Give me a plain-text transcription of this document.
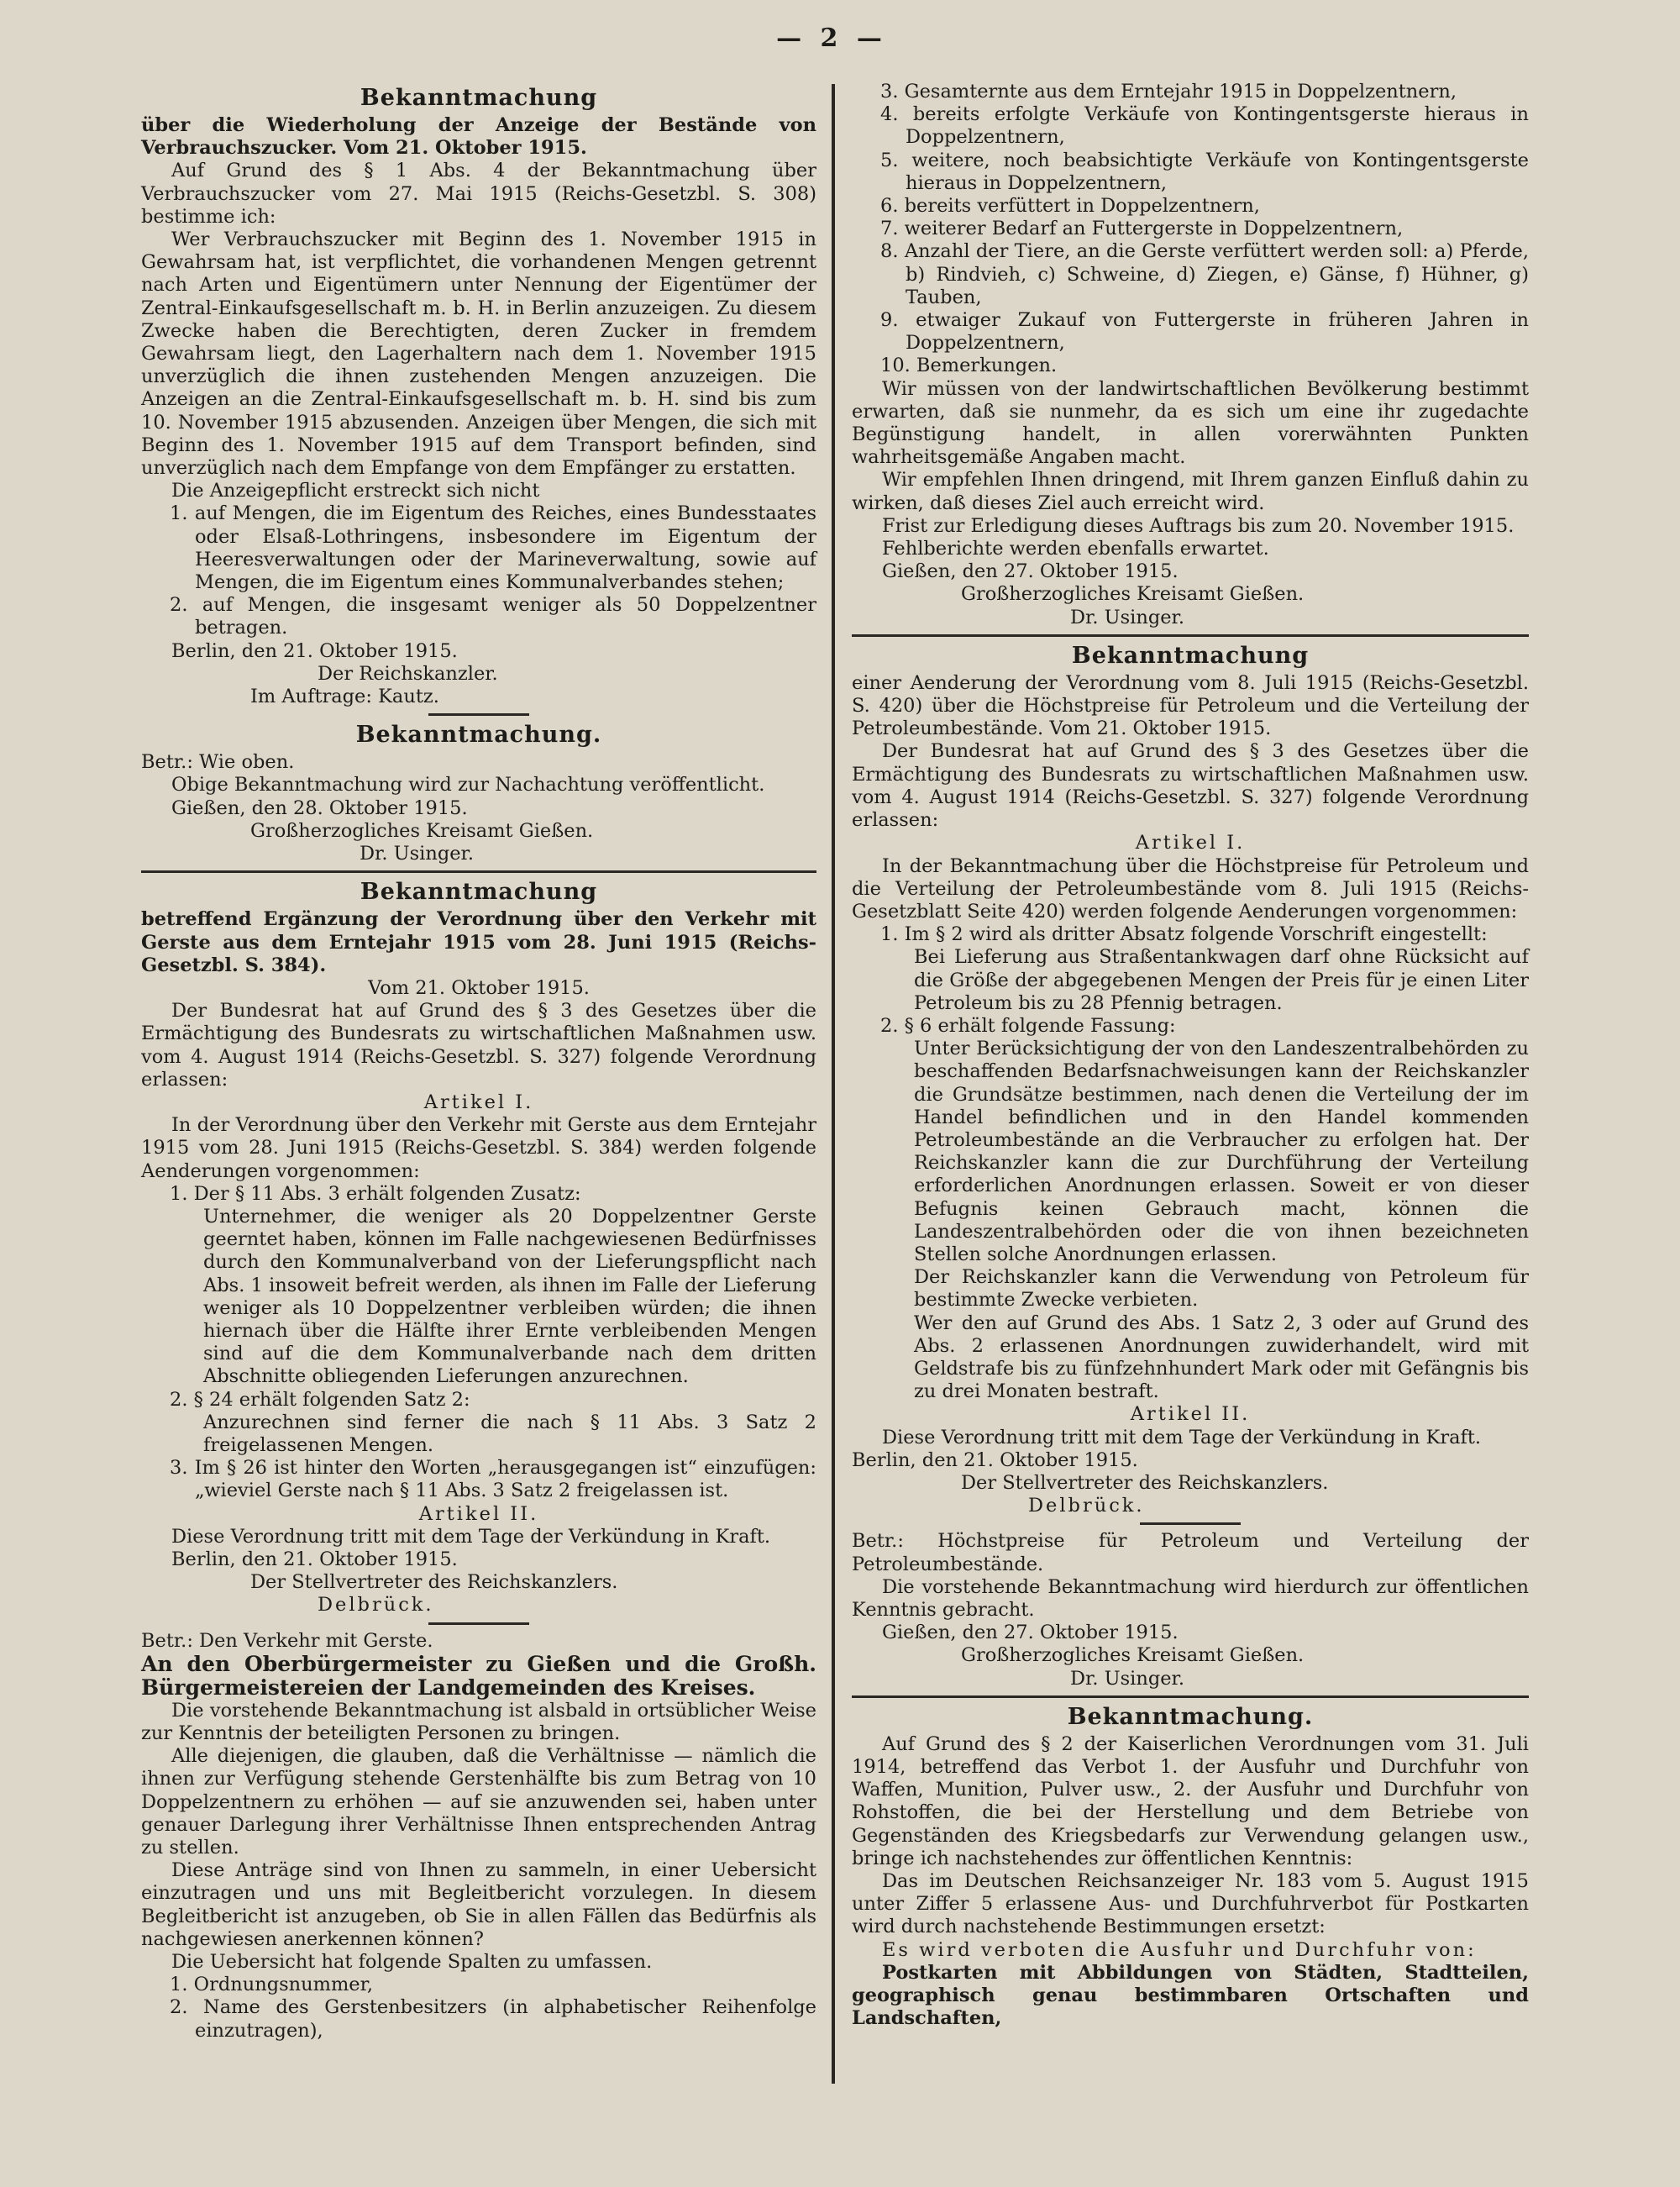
— 2 —
Bekanntmachung

über die Wiederholung der Anzeige der Bestände von Verbrauchszucker. Vom 21. Oktober 1915.

Auf Grund des § 1 Abs. 4 der Bekanntmachung über Verbrauchszucker vom 27. Mai 1915 (Reichs-Gesetzbl. S. 308) bestimme ich:

Wer Verbrauchszucker mit Beginn des 1. November 1915 in Gewahrsam hat, ist verpflichtet, die vorhandenen Mengen getrennt nach Arten und Eigentümern unter Nennung der Eigentümer der Zentral-Einkaufsgesellschaft m. b. H. in Berlin anzuzeigen. Zu diesem Zwecke haben die Berechtigten, deren Zucker in fremdem Gewahrsam liegt, den Lagerhaltern nach dem 1. November 1915 unverzüglich die ihnen zustehenden Mengen anzuzeigen. Die Anzeigen an die Zentral-Einkaufsgesellschaft m. b. H. sind bis zum 10. November 1915 abzusenden. Anzeigen über Mengen, die sich mit Beginn des 1. November 1915 auf dem Transport befinden, sind unverzüglich nach dem Empfange von dem Empfänger zu erstatten.

Die Anzeigepflicht erstreckt sich nicht

1. auf Mengen, die im Eigentum des Reiches, eines Bundesstaates oder Elsaß-Lothringens, insbesondere im Eigentum der Heeresverwaltungen oder der Marineverwaltung, sowie auf Mengen, die im Eigentum eines Kommunalverbandes stehen;

2. auf Mengen, die insgesamt weniger als 50 Doppelzentner betragen.

Berlin, den 21. Oktober 1915.

Der Reichskanzler.

Im Auftrage: Kautz.

Bekanntmachung.

Betr.: Wie oben.

Obige Bekanntmachung wird zur Nachachtung veröffentlicht.

Gießen, den 28. Oktober 1915.

Großherzogliches Kreisamt Gießen.

Dr. Usinger.

Bekanntmachung

betreffend Ergänzung der Verordnung über den Verkehr mit Gerste aus dem Erntejahr 1915 vom 28. Juni 1915 (Reichs-Gesetzbl. S. 384).

Vom 21. Oktober 1915.

Der Bundesrat hat auf Grund des § 3 des Gesetzes über die Ermächtigung des Bundesrats zu wirtschaftlichen Maßnahmen usw. vom 4. August 1914 (Reichs-Gesetzbl. S. 327) folgende Verordnung erlassen:

Artikel I.

In der Verordnung über den Verkehr mit Gerste aus dem Erntejahr 1915 vom 28. Juni 1915 (Reichs-Gesetzbl. S. 384) werden folgende Aenderungen vorgenommen:

1. Der § 11 Abs. 3 erhält folgenden Zusatz:

Unternehmer, die weniger als 20 Doppelzentner Gerste geerntet haben, können im Falle nachgewiesenen Bedürfnisses durch den Kommunalverband von der Lieferungspflicht nach Abs. 1 insoweit befreit werden, als ihnen im Falle der Lieferung weniger als 10 Doppelzentner verbleiben würden; die ihnen hiernach über die Hälfte ihrer Ernte verbleibenden Mengen sind auf die dem Kommunalverbande nach dem dritten Abschnitte obliegenden Lieferungen anzurechnen.

2. § 24 erhält folgenden Satz 2:

Anzurechnen sind ferner die nach § 11 Abs. 3 Satz 2 freigelassenen Mengen.

3. Im § 26 ist hinter den Worten „herausgegangen ist“ einzufügen: „wieviel Gerste nach § 11 Abs. 3 Satz 2 freigelassen ist.

Artikel II.

Diese Verordnung tritt mit dem Tage der Verkündung in Kraft.

Berlin, den 21. Oktober 1915.

Der Stellvertreter des Reichskanzlers.

Delbrück.

Betr.: Den Verkehr mit Gerste.

An den Oberbürgermeister zu Gießen und die Großh. Bürgermeistereien der Landgemeinden des Kreises.

Die vorstehende Bekanntmachung ist alsbald in ortsüblicher Weise zur Kenntnis der beteiligten Personen zu bringen.

Alle diejenigen, die glauben, daß die Verhältnisse — nämlich die ihnen zur Verfügung stehende Gerstenhälfte bis zum Betrag von 10 Doppelzentnern zu erhöhen — auf sie anzuwenden sei, haben unter genauer Darlegung ihrer Verhältnisse Ihnen entsprechenden Antrag zu stellen.

Diese Anträge sind von Ihnen zu sammeln, in einer Uebersicht einzutragen und uns mit Begleitbericht vorzulegen. In diesem Begleitbericht ist anzugeben, ob Sie in allen Fällen das Bedürfnis als nachgewiesen anerkennen können?

Die Uebersicht hat folgende Spalten zu umfassen.

1. Ordnungsnummer,

2. Name des Gerstenbesitzers (in alphabetischer Reihenfolge einzutragen),

3. Gesamternte aus dem Erntejahr 1915 in Doppelzentnern,

4. bereits erfolgte Verkäufe von Kontingentsgerste hieraus in Doppelzentnern,

5. weitere, noch beabsichtigte Verkäufe von Kontingentsgerste hieraus in Doppelzentnern,

6. bereits verfüttert in Doppelzentnern,

7. weiterer Bedarf an Futtergerste in Doppelzentnern,

8. Anzahl der Tiere, an die Gerste verfüttert werden soll: a) Pferde, b) Rindvieh, c) Schweine, d) Ziegen, e) Gänse, f) Hühner, g) Tauben,

9. etwaiger Zukauf von Futtergerste in früheren Jahren in Doppelzentnern,

10. Bemerkungen.

Wir müssen von der landwirtschaftlichen Bevölkerung bestimmt erwarten, daß sie nunmehr, da es sich um eine ihr zugedachte Begünstigung handelt, in allen vorerwähnten Punkten wahrheitsgemäße Angaben macht.

Wir empfehlen Ihnen dringend, mit Ihrem ganzen Einfluß dahin zu wirken, daß dieses Ziel auch erreicht wird.

Frist zur Erledigung dieses Auftrags bis zum 20. November 1915.

Fehlberichte werden ebenfalls erwartet.

Gießen, den 27. Oktober 1915.

Großherzogliches Kreisamt Gießen.

Dr. Usinger.

Bekanntmachung

einer Aenderung der Verordnung vom 8. Juli 1915 (Reichs-Gesetzbl. S. 420) über die Höchstpreise für Petroleum und die Verteilung der Petroleumbestände. Vom 21. Oktober 1915.

Der Bundesrat hat auf Grund des § 3 des Gesetzes über die Ermächtigung des Bundesrats zu wirtschaftlichen Maßnahmen usw. vom 4. August 1914 (Reichs-Gesetzbl. S. 327) folgende Verordnung erlassen:

Artikel I.

In der Bekanntmachung über die Höchstpreise für Petroleum und die Verteilung der Petroleumbestände vom 8. Juli 1915 (Reichs-Gesetzblatt Seite 420) werden folgende Aenderungen vorgenommen:

1. Im § 2 wird als dritter Absatz folgende Vorschrift eingestellt:

Bei Lieferung aus Straßentankwagen darf ohne Rücksicht auf die Größe der abgegebenen Mengen der Preis für je einen Liter Petroleum bis zu 28 Pfennig betragen.

2. § 6 erhält folgende Fassung:

Unter Berücksichtigung der von den Landeszentralbehörden zu beschaffenden Bedarfsnachweisungen kann der Reichskanzler die Grundsätze bestimmen, nach denen die Verteilung der im Handel befindlichen und in den Handel kommenden Petroleumbestände an die Verbraucher zu erfolgen hat. Der Reichskanzler kann die zur Durchführung der Verteilung erforderlichen Anordnungen erlassen. Soweit er von dieser Befugnis keinen Gebrauch macht, können die Landeszentralbehörden oder die von ihnen bezeichneten Stellen solche Anordnungen erlassen.

Der Reichskanzler kann die Verwendung von Petroleum für bestimmte Zwecke verbieten.

Wer den auf Grund des Abs. 1 Satz 2, 3 oder auf Grund des Abs. 2 erlassenen Anordnungen zuwiderhandelt, wird mit Geldstrafe bis zu fünfzehnhundert Mark oder mit Gefängnis bis zu drei Monaten bestraft.

Artikel II.

Diese Verordnung tritt mit dem Tage der Verkündung in Kraft.

Berlin, den 21. Oktober 1915.

Der Stellvertreter des Reichskanzlers.

Delbrück.

Betr.: Höchstpreise für Petroleum und Verteilung der Petroleumbestände.

Die vorstehende Bekanntmachung wird hierdurch zur öffentlichen Kenntnis gebracht.

Gießen, den 27. Oktober 1915.

Großherzogliches Kreisamt Gießen.

Dr. Usinger.

Bekanntmachung.

Auf Grund des § 2 der Kaiserlichen Verordnungen vom 31. Juli 1914, betreffend das Verbot 1. der Ausfuhr und Durchfuhr von Waffen, Munition, Pulver usw., 2. der Ausfuhr und Durchfuhr von Rohstoffen, die bei der Herstellung und dem Betriebe von Gegenständen des Kriegsbedarfs zur Verwendung gelangen usw., bringe ich nachstehendes zur öffentlichen Kenntnis:

Das im Deutschen Reichsanzeiger Nr. 183 vom 5. August 1915 unter Ziffer 5 erlassene Aus- und Durchfuhrverbot für Postkarten wird durch nachstehende Bestimmungen ersetzt:

Es wird verboten die Ausfuhr und Durchfuhr von:

Postkarten mit Abbildungen von Städten, Stadtteilen, geographisch genau bestimmbaren Ortschaften und Landschaften,
